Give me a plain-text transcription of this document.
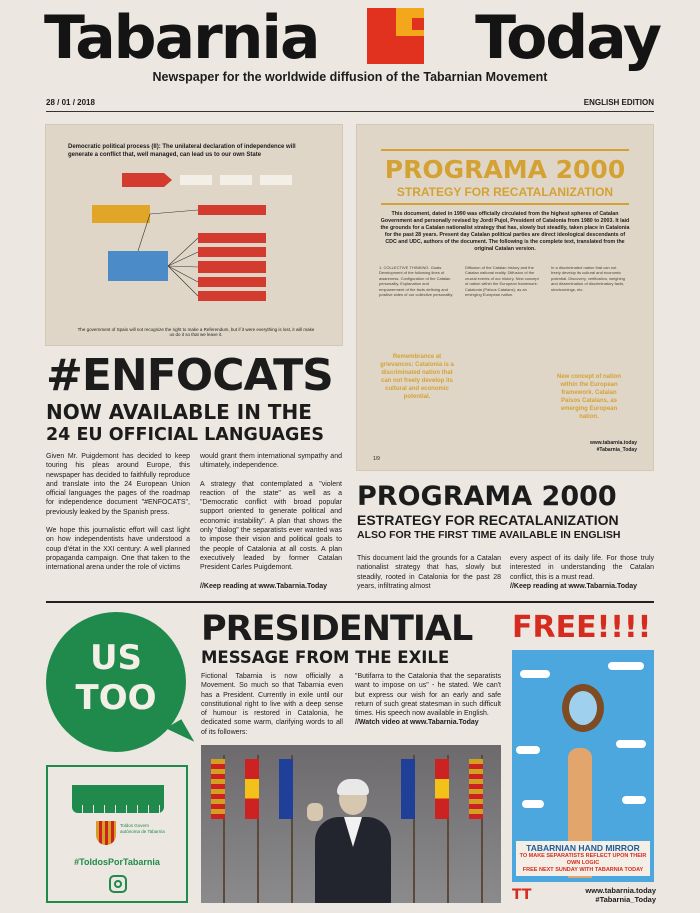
Tabarnia	Today
Newspaper for the worldwide diffusion of the Tabarnian Movement
28 / 01 / 2018	ENGLISH EDITION
Democratic political process (II): The unilateral declaration of independence will generate a conflict that, well managed, can lead us to our own State
The government of Spain will not recognize the right to make a Referendum, but if it were everything is lost, it will make us do it so that we leave it.
PROGRAMA 2000
STRATEGY FOR RECATALANIZATION
This document, dated in 1990 was officially circulated from the highest spheres of Catalan Government and personally revised by Jordi Pujol, President of Catalonia from 1980 to 2003. It laid the grounds for a Catalan nationalist strategy that has, slowly but steadily, taken place in Catalonia for the past 28 years. Present day Catalan political parties are direct ideological descendants of CDC and UDC, authors of the document. The following is the complete text, translated from the original Catalan version.
1. COLLECTIVE THINKING. Goals: Development of the following lines of awareness. Configuration of the Catalan personality. Explanation and empowerment of the facts defining and positive sides of our collective personality.
Diffusion of the Catalan history and the Catalan national reality. Diffusion of the crucial events of our history. New concept of nation within the European framework: Catalonia (Països Catalans), as an emerging European nation.
In a discriminated nation that can not freely develop its cultural and economic potential. Discovery, verification, weighing and dissemination of discriminatory facts, shortcomings, etc.
Remembrance at grievances: Catalonia is a discriminated nation that can not freely develop its cultural and economic potential.
New concept of nation within the European framework. Catalan Paisos Catalans, as emerging European nation.
1/9
www.tabarnia.today
#Tabarnia_Today
#ENFOCATS
NOW AVAILABLE IN THE
24 EU OFFICIAL LANGUAGES

Given Mr. Puigdemont has decided to keep touring his pleas around Europe, this newspaper has decided to faithfully reproduce and translate into the 24 European Union official languages the pages of the roadmap for independence document "#ENFOCATS", previously leaked by the Spanish press.

We hope this journalistic effort will cast light on how independentists have understood a coup d'état in the XXI century: A well planned propaganda campaign. One that taken to the international arena under the role of victims

would grant them international sympathy and ultimately, independence.

A strategy that contemplated a "violent reaction of the state" as well as a "Democratic conflict with broad popular support oriented to generate political and economic instability". A plan that shows the only "dialog" the separatists ever wanted was to impose their vision and political goals to the people of Catalonia at all costs. A plan executively leaded by former Catalan President Carles Puigdemont.

//Keep reading at www.Tabarnia.Today

PROGRAMA 2000
ESTRATEGY FOR RECATALANIZATION
ALSO FOR THE FIRST TIME AVAILABLE IN ENGLISH

This document laid the grounds for a Catalan nationalist strategy that has, slowly but steadily, rooted in Catalonia for the past 28 years, infiltrating almost

every aspect of its daily life. For those truly interested in understanding the Catalan conflict, this is a must read.

//Keep reading at www.Tabarnia.Today

US
TOO
Toldos Govern autònoma de Tabarnia
#ToldosPorTabarnia
PRESIDENTIAL
MESSAGE FROM THE EXILE

Fictional Tabarnia is now officially a Movement. So much so that Tabarnia even has a President. Currently in exile until our constitutional right to live with a deep sense of humour is restored in Catalonia, he dedicated some warm, clarifying words to all of its followers:

"Butifarra to the Catalonia that the separatists want to impose on us" - he stated. We can't but express our wish for an early and safe return of such great statesman in such difficult times. His speech now available in English.

//Watch video at www.Tabarnia.Today

FREE!!!!
TABARNIAN HAND MIRROR
TO MAKE SEPARATISTS REFLECT UPON THEIR OWN LOGIC
FREE NEXT SUNDAY WITH TABARNIA TODAY
TT	www.tabarnia.today
#Tabarnia_Today
